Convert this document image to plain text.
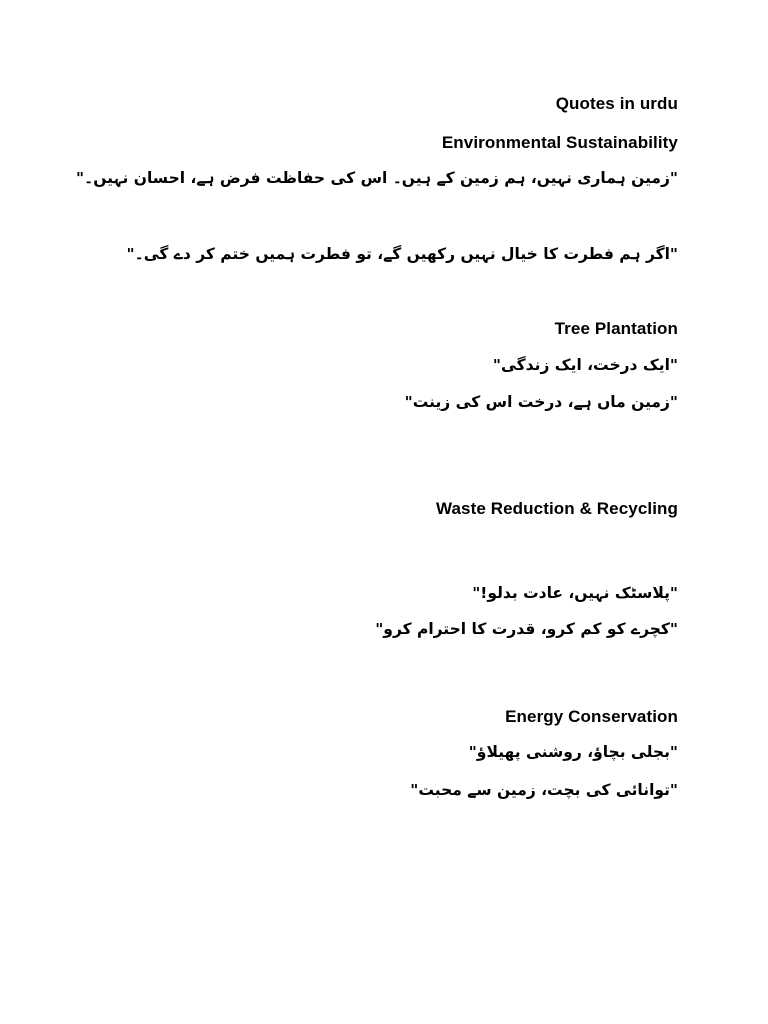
Quotes in urdu
Environmental Sustainability
"زمین ہماری نہیں، ہم زمین کے ہیں۔ اس کی حفاظت فرض ہے، احسان نہیں۔"
"اگر ہم فطرت کا خیال نہیں رکھیں گے، تو فطرت ہمیں ختم کر دے گی۔"
Tree Plantation
"ایک درخت، ایک زندگی"
"زمین ماں ہے، درخت اس کی زینت"
Waste Reduction & Recycling
"پلاسٹک نہیں، عادت بدلو!"
"کچرے کو کم کرو، قدرت کا احترام کرو"
Energy Conservation
"بجلی بچاؤ، روشنی پھیلاؤ"
"توانائی کی بچت، زمین سے محبت"
